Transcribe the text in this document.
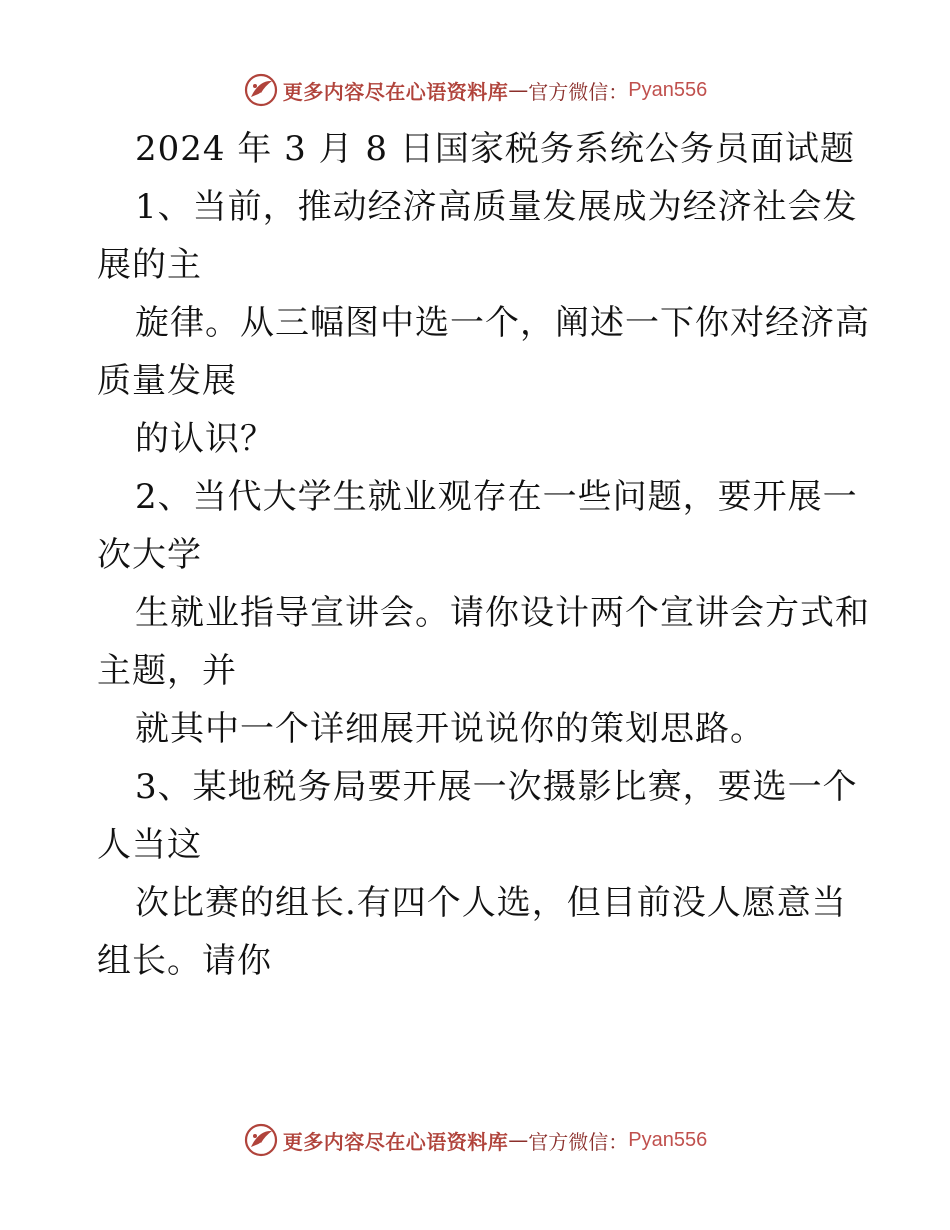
更多内容尽在心语资料库 — 官方微信： Pyan556
2024 年 3 月 8 日国家税务系统公务员面试题
1、当前，推动经济高质量发展成为经济社会发
展的主
旋律。从三幅图中选一个，阐述一下你对经济高
质量发展
的认识？
2、当代大学生就业观存在一些问题，要开展一
次大学
生就业指导宣讲会。请你设计两个宣讲会方式和
主题，并
就其中一个详细展开说说你的策划思路。
3、某地税务局要开展一次摄影比赛，要选一个
人当这
次比赛的组长.有四个人选，但目前没人愿意当
组长。请你
更多内容尽在心语资料库 — 官方微信： Pyan556
